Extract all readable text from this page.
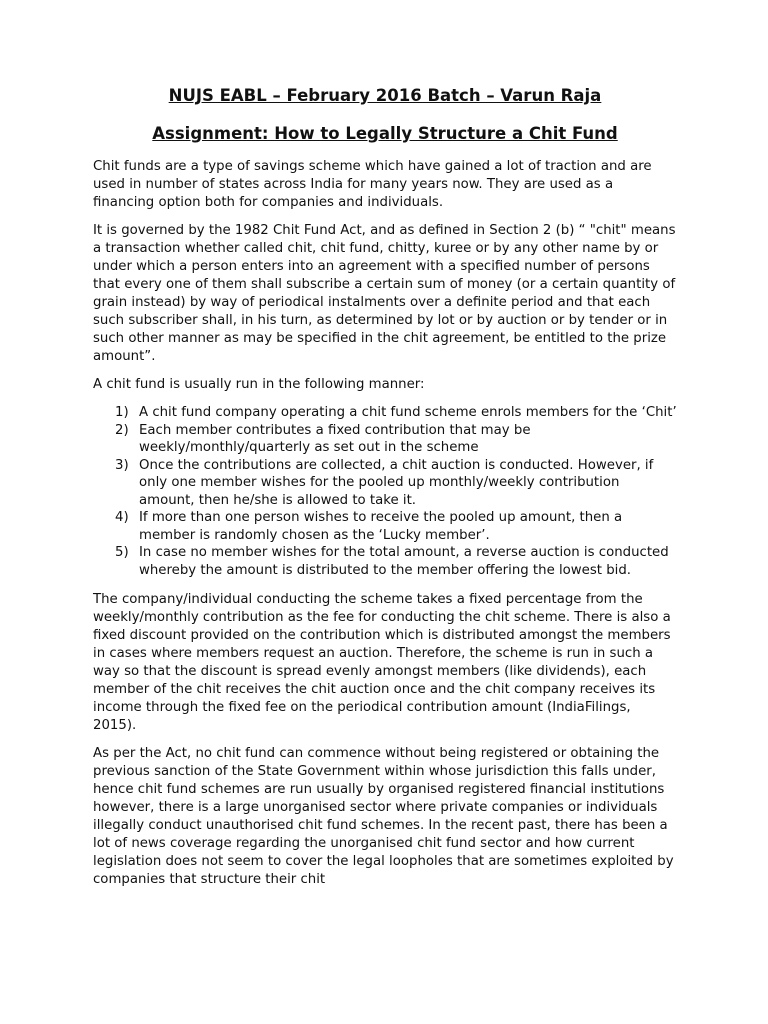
NUJS EABL – February 2016 Batch – Varun Raja
Assignment: How to Legally Structure a Chit Fund

Chit funds are a type of savings scheme which have gained a lot of traction and are used in number of states across India for many years now. They are used as a financing option both for companies and individuals.

It is governed by the 1982 Chit Fund Act, and as defined in Section 2 (b) “ "chit" means a transaction whether called chit, chit fund, chitty, kuree or by any other name by or under which a person enters into an agreement with a specified number of persons that every one of them shall subscribe a certain sum of money (or a certain quantity of grain instead) by way of periodical instalments over a definite period and that each such subscriber shall, in his turn, as determined by lot or by auction or by tender or in such other manner as may be specified in the chit agreement, be entitled to the prize amount”.

A chit fund is usually run in the following manner:

1) A chit fund company operating a chit fund scheme enrols members for the ‘Chit’
2) Each member contributes a fixed contribution that may be weekly/monthly/quarterly as set out in the scheme
3) Once the contributions are collected, a chit auction is conducted. However, if only one member wishes for the pooled up monthly/weekly contribution amount, then he/she is allowed to take it.
4) If more than one person wishes to receive the pooled up amount, then a member is randomly chosen as the ‘Lucky member’.
5) In case no member wishes for the total amount, a reverse auction is conducted whereby the amount is distributed to the member offering the lowest bid.

The company/individual conducting the scheme takes a fixed percentage from the weekly/monthly contribution as the fee for conducting the chit scheme. There is also a fixed discount provided on the contribution which is distributed amongst the members in cases where members request an auction. Therefore, the scheme is run in such a way so that the discount is spread evenly amongst members (like dividends), each member of the chit receives the chit auction once and the chit company receives its income through the fixed fee on the periodical contribution amount (IndiaFilings, 2015).

As per the Act, no chit fund can commence without being registered or obtaining the previous sanction of the State Government within whose jurisdiction this falls under, hence chit fund schemes are run usually by organised registered financial institutions however, there is a large unorganised sector where private companies or individuals illegally conduct unauthorised chit fund schemes. In the recent past, there has been a lot of news coverage regarding the unorganised chit fund sector and how current legislation does not seem to cover the legal loopholes that are sometimes exploited by companies that structure their chit
